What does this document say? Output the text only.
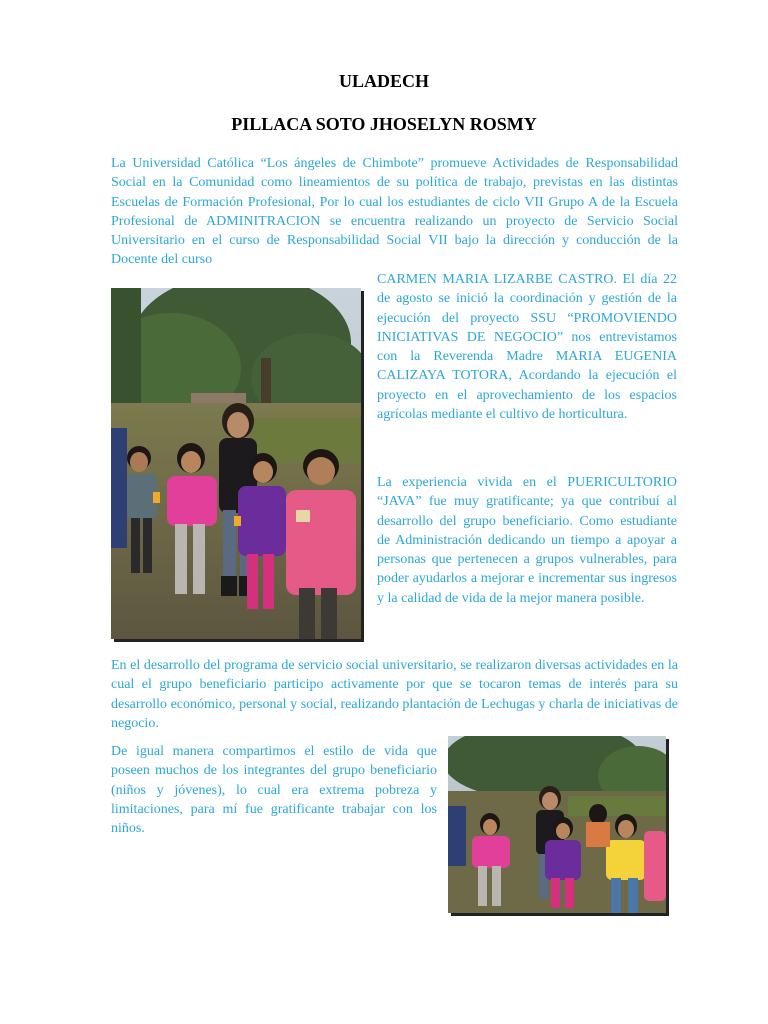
ULADECH
PILLACA SOTO JHOSELYN ROSMY

La Universidad Católica “Los ángeles de Chimbote” promueve Actividades de Responsabilidad Social en la Comunidad como lineamientos de su política de trabajo, previstas en las distintas Escuelas de Formación Profesional, Por lo cual los estudiantes de ciclo VII Grupo A de la Escuela Profesional de ADMINITRACION se encuentra realizando un proyecto de Servicio Social Universitario en el curso de Responsabilidad Social VII bajo la dirección y conducción de la Docente del curso

CARMEN MARIA LIZARBE CASTRO. El día 22 de agosto se inició la coordinación y gestión de la ejecución del proyecto SSU “PROMOVIENDO INICIATIVAS DE NEGOCIO” nos entrevistamos con la Reverenda Madre MARIA EUGENIA CALIZAYA TOTORA, Acordando la ejecución el proyecto en el aprovechamiento de los espacios agrícolas mediante el cultivo de horticultura.

La experiencia vivida en el PUERICULTORIO “JAVA” fue muy gratificante; ya que contribuí al desarrollo del grupo beneficiario. Como estudiante de Administración dedicando un tiempo a apoyar a personas que pertenecen a grupos vulnerables, para poder ayudarlos a mejorar e incrementar sus ingresos y la calidad de vida de la mejor manera posible.

En el desarrollo del programa de servicio social universitario, se realizaron diversas actividades en la cual el grupo beneficiario participo activamente por que se tocaron temas de interés para su desarrollo económico, personal y social, realizando plantación de Lechugas y charla de iniciativas de negocio.

De igual manera compartimos el estilo de vida que poseen muchos de los integrantes del grupo beneficiario (niños y jóvenes), lo cual era extrema pobreza y limitaciones, para mí fue gratificante trabajar con los niños.
